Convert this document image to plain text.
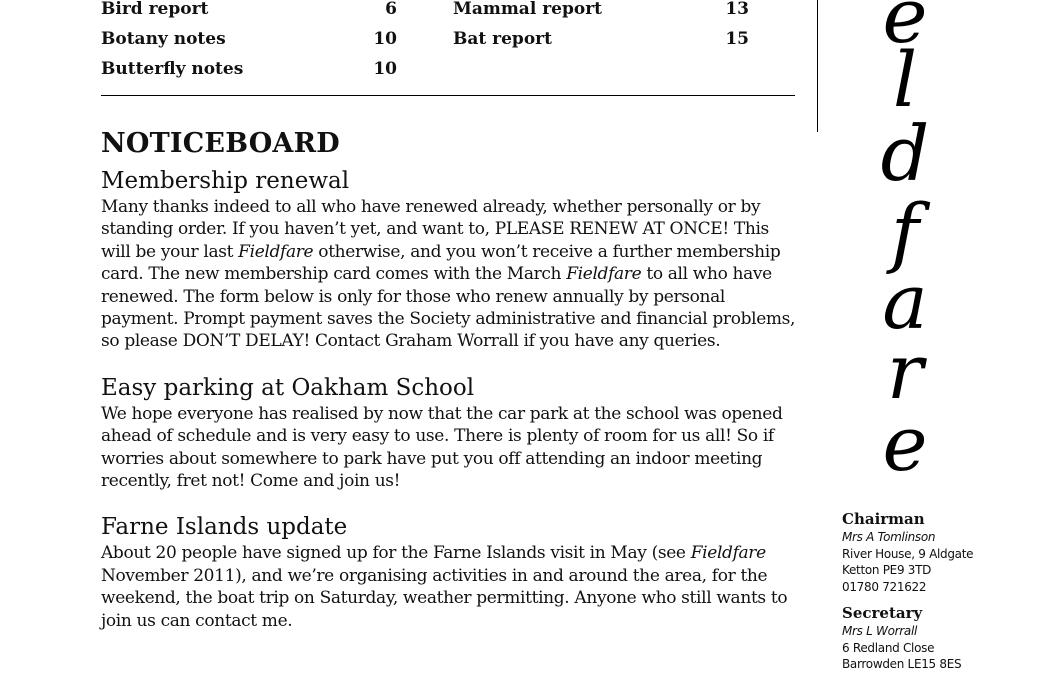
Bird report	6	Mammal report	13
Botany notes	10	Bat report	15
Butterfly notes	10
NOTICEBOARD
Membership renewal

Many thanks indeed to all who have renewed already, whether personally or by
standing order. If you haven’t yet, and want to, PLEASE RENEW AT ONCE! This
will be your last Fieldfare otherwise, and you won’t receive a further membership
card. The new membership card comes with the March Fieldfare to all who have
renewed. The form below is only for those who renew annually by personal
payment. Prompt payment saves the Society administrative and financial problems,
so please DON’T DELAY! Contact Graham Worrall if you have any queries.

Easy parking at Oakham School

We hope everyone has realised by now that the car park at the school was opened
ahead of schedule and is very easy to use. There is plenty of room for us all! So if
worries about somewhere to park have put you off attending an indoor meeting
recently, fret not! Come and join us!

Farne Islands update

About 20 people have signed up for the Farne Islands visit in May (see Fieldfare
November 2011), and we’re organising activities in and around the area, for the
weekend, the boat trip on Saturday, weather permitting. Anyone who still wants to
join us can contact me.

e
l
d
f
a
r
e
Chairman
Mrs A Tomlinson
River House, 9 Aldgate
Ketton PE9 3TD
01780 721622
Secretary
Mrs L Worrall
6 Redland Close
Barrowden LE15 8ES
